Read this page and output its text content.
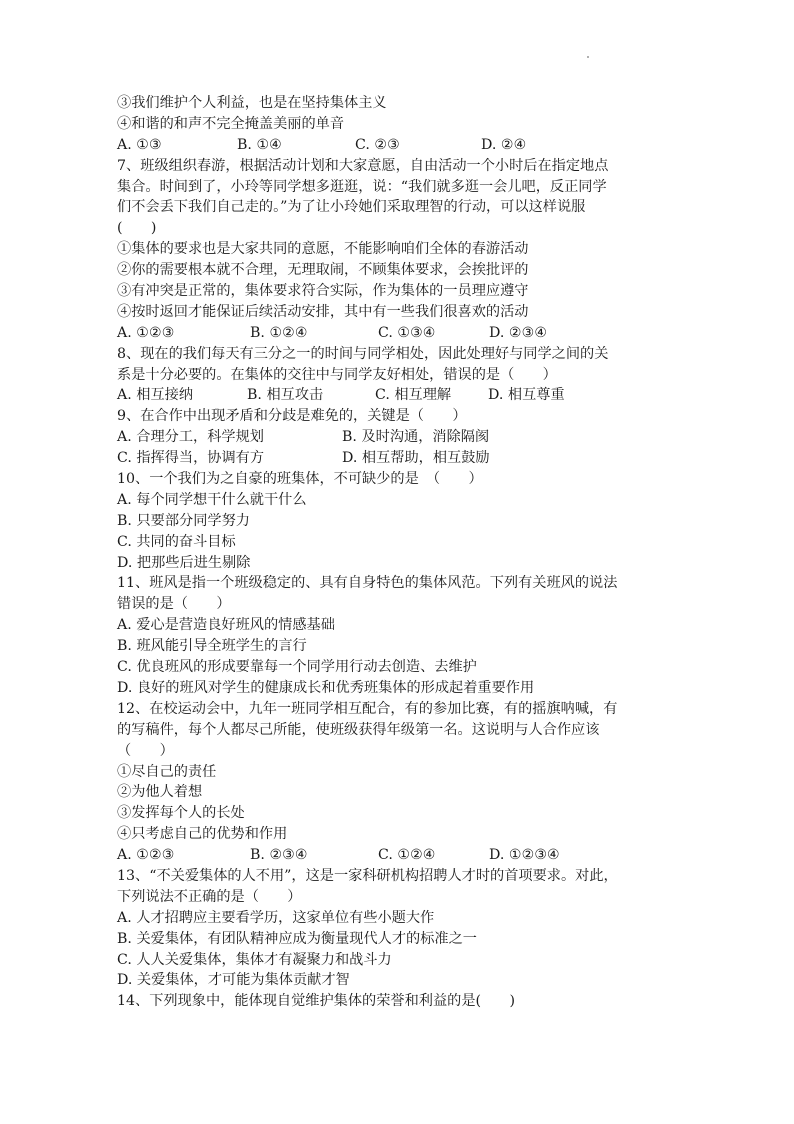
③我们维护个人利益，也是在坚持集体主义
④和谐的和声不完全掩盖美丽的单音
A. ①③	B. ①④	C. ②③	D. ②④
7、班级组织春游，根据活动计划和大家意愿，自由活动一个小时后在指定地点
集合。时间到了，小玲等同学想多逛逛，说：“我们就多逛一会儿吧，反正同学
们不会丢下我们自己走的。”为了让小玲她们采取理智的行动，可以这样说服
(　　)
①集体的要求也是大家共同的意愿，不能影响咱们全体的春游活动
②你的需要根本就不合理，无理取闹，不顾集体要求，会挨批评的
③有冲突是正常的，集体要求符合实际，作为集体的一员理应遵守
④按时返回才能保证后续活动安排，其中有一些我们很喜欢的活动
A. ①②③	B. ①②④	C. ①③④	D. ②③④
8、现在的我们每天有三分之一的时间与同学相处，因此处理好与同学之间的关
系是十分必要的。在集体的交往中与同学友好相处，错误的是（　　）
A. 相互接纳	B. 相互攻击	C. 相互理解	D. 相互尊重
9、在合作中出现矛盾和分歧是难免的，关键是（　　）
A. 合理分工，科学规划	B. 及时沟通，消除隔阂
C. 指挥得当，协调有方	D. 相互帮助，相互鼓励
10、一个我们为之自豪的班集体，不可缺少的是　（　　）
A. 每个同学想干什么就干什么
B. 只要部分同学努力
C. 共同的奋斗目标
D. 把那些后进生剔除
11、班风是指一个班级稳定的、具有自身特色的集体风范。下列有关班风的说法
错误的是（　　）
A. 爱心是营造良好班风的情感基础
B. 班风能引导全班学生的言行
C. 优良班风的形成要靠每一个同学用行动去创造、去维护
D. 良好的班风对学生的健康成长和优秀班集体的形成起着重要作用
12、在校运动会中，九年一班同学相互配合，有的参加比赛，有的摇旗呐喊，有
的写稿件，每个人都尽己所能，使班级获得年级第一名。这说明与人合作应该
（　　）
①尽自己的责任
②为他人着想
③发挥每个人的长处
④只考虑自己的优势和作用
A. ①②③	B. ②③④	C. ①②④	D. ①②③④
13、“不关爱集体的人不用”，这是一家科研机构招聘人才时的首项要求。对此，
下列说法不正确的是（　　）
A. 人才招聘应主要看学历，这家单位有些小题大作
B. 关爱集体，有团队精神应成为衡量现代人才的标准之一
C. 人人关爱集体，集体才有凝聚力和战斗力
D. 关爱集体，才可能为集体贡献才智
14、下列现象中，能体现自觉维护集体的荣誉和利益的是(　　)
